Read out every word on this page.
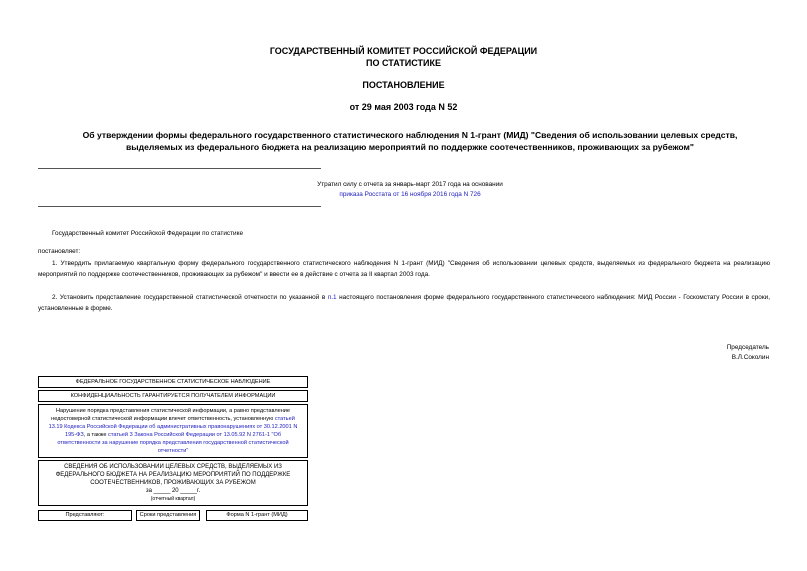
ГОСУДАРСТВЕННЫЙ КОМИТЕТ РОССИЙСКОЙ ФЕДЕРАЦИИ
ПО СТАТИСТИКЕ
ПОСТАНОВЛЕНИЕ
от 29 мая 2003 года N 52
Об утверждении формы федерального государственного статистического наблюдения N 1-грант (МИД) "Сведения об использовании целевых средств,
выделяемых из федерального бюджета на реализацию мероприятий по поддержке соотечественников, проживающих за рубежом"
Утратил силу с отчета за январь-март 2017 года на основании
приказа Росстата от 16 ноября 2016 года N 726
Государственный комитет Российской Федерации по статистике
постановляет:
1. Утвердить прилагаемую квартальную форму федерального государственного статистического наблюдения N 1-грант (МИД) "Сведения об использовании целевых средств, выделяемых из федерального бюджета на реализацию мероприятий по поддержке соотечественников, проживающих за рубежом" и ввести ее в действие с отчета за II квартал 2003 года.
2. Установить представление государственной статистической отчетности по указанной в п.1 настоящего постановления форме федерального государственного статистического наблюдения: МИД России - Госкомстату России в сроки, установленные в форме.
Председатель
В.Л.Соколин
ФЕДЕРАЛЬНОЕ ГОСУДАРСТВЕННОЕ СТАТИСТИЧЕСКОЕ НАБЛЮДЕНИЕ
КОНФИДЕНЦИАЛЬНОСТЬ ГАРАНТИРУЕТСЯ ПОЛУЧАТЕЛЕМ ИНФОРМАЦИИ
Нарушение порядка представления статистической информации, а равно представление недостоверной статистической информации влечет ответственность, установленную статьей 13.19 Кодекса Российской Федерации об административных правонарушениях от 30.12.2001 N 195-ФЗ, а также статьей 3 Закона Российской Федерации от 13.05.92 N 2761-1 "Об ответственности за нарушение порядка представления государственной статистической отчетности"
СВЕДЕНИЯ ОБ ИСПОЛЬЗОВАНИИ ЦЕЛЕВЫХ СРЕДСТВ, ВЫДЕЛЯЕМЫХ ИЗ
ФЕДЕРАЛЬНОГО БЮДЖЕТА НА РЕАЛИЗАЦИЮ МЕРОПРИЯТИЙ ПО ПОДДЕРЖКЕ
СООТЕЧЕСТВЕННИКОВ, ПРОЖИВАЮЩИХ ЗА РУБЕЖОМ
за _____ 20 _____г.
(отчетный квартал)
Представляют:	Сроки представления	Форма N 1-грант (МИД)
